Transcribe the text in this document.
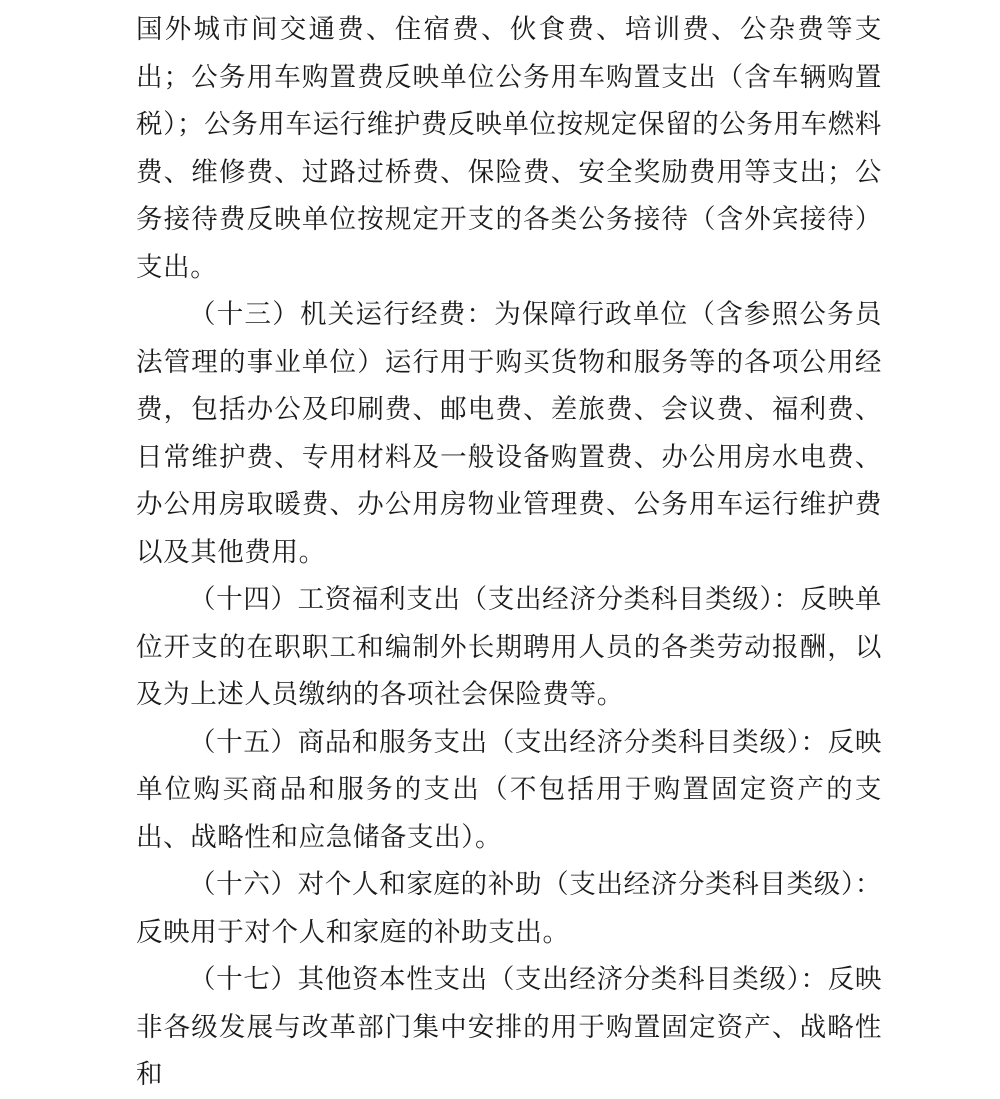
国外城市间交通费、住宿费、伙食费、培训费、公杂费等支出；公务用车购置费反映单位公务用车购置支出（含车辆购置税）；公务用车运行维护费反映单位按规定保留的公务用车燃料费、维修费、过路过桥费、保险费、安全奖励费用等支出；公务接待费反映单位按规定开支的各类公务接待（含外宾接待）支出。

（十三）机关运行经费：为保障行政单位（含参照公务员法管理的事业单位）运行用于购买货物和服务等的各项公用经费，包括办公及印刷费、邮电费、差旅费、会议费、福利费、日常维护费、专用材料及一般设备购置费、办公用房水电费、办公用房取暖费、办公用房物业管理费、公务用车运行维护费以及其他费用。

（十四）工资福利支出（支出经济分类科目类级）：反映单位开支的在职职工和编制外长期聘用人员的各类劳动报酬，以及为上述人员缴纳的各项社会保险费等。

（十五）商品和服务支出（支出经济分类科目类级）：反映单位购买商品和服务的支出（不包括用于购置固定资产的支出、战略性和应急储备支出）。

（十六）对个人和家庭的补助（支出经济分类科目类级）：反映用于对个人和家庭的补助支出。

（十七）其他资本性支出（支出经济分类科目类级）：反映非各级发展与改革部门集中安排的用于购置固定资产、战略性和
